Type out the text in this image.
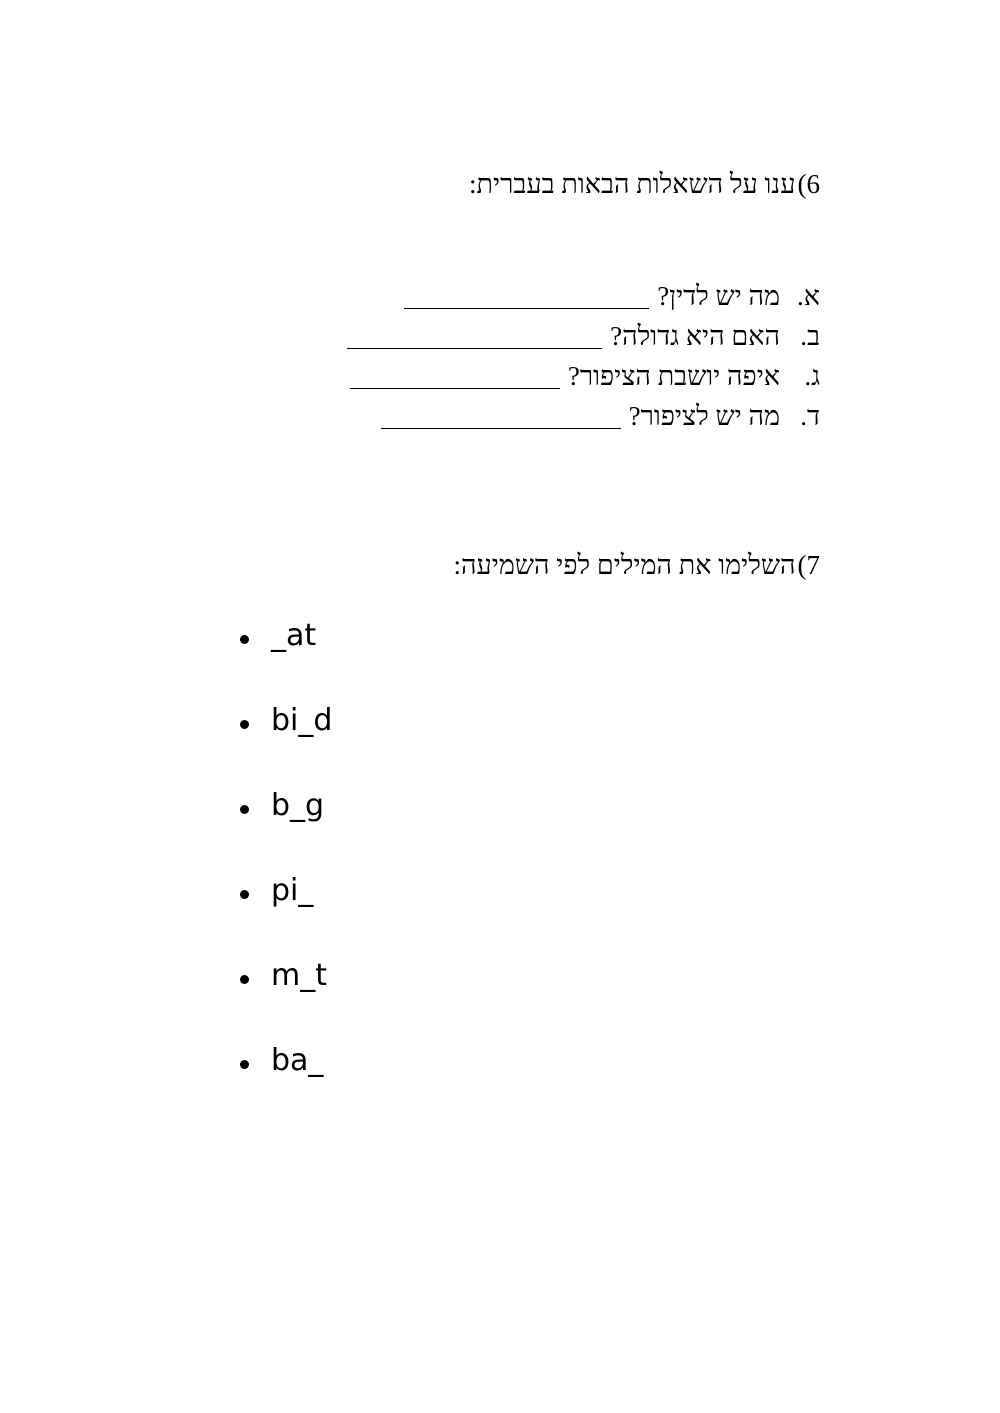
6)ענו על השאלות הבאות בעברית:
א.
מה יש לדין?
ב.
האם היא גדולה?
ג.
איפה יושבת הציפור?
ד.
מה יש לציפור?
7)השלימו את המילים לפי השמיעה:
_at
bi_d
b_g
pi_
m_t
ba_
